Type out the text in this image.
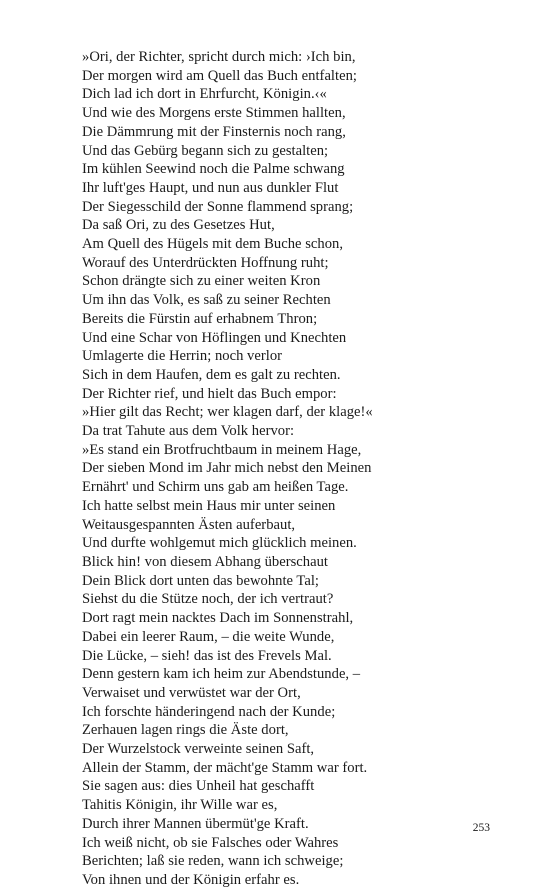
»Ori, der Richter, spricht durch mich: ›Ich bin,
Der morgen wird am Quell das Buch entfalten;
Dich lad ich dort in Ehrfurcht, Königin.‹«
Und wie des Morgens erste Stimmen hallten,
Die Dämmrung mit der Finsternis noch rang,
Und das Gebürg begann sich zu gestalten;
Im kühlen Seewind noch die Palme schwang
Ihr luft'ges Haupt, und nun aus dunkler Flut
Der Siegesschild der Sonne flammend sprang;
Da saß Ori, zu des Gesetzes Hut,
Am Quell des Hügels mit dem Buche schon,
Worauf des Unterdrückten Hoffnung ruht;
Schon drängte sich zu einer weiten Kron
Um ihn das Volk, es saß zu seiner Rechten
Bereits die Fürstin auf erhabnem Thron;
Und eine Schar von Höflingen und Knechten
Umlagerte die Herrin; noch verlor
Sich in dem Haufen, dem es galt zu rechten.
Der Richter rief, und hielt das Buch empor:
»Hier gilt das Recht; wer klagen darf, der klage!«
Da trat Tahute aus dem Volk hervor:
»Es stand ein Brotfruchtbaum in meinem Hage,
Der sieben Mond im Jahr mich nebst den Meinen
Ernährt' und Schirm uns gab am heißen Tage.
Ich hatte selbst mein Haus mir unter seinen
Weitausgespannten Ästen auferbaut,
Und durfte wohlgemut mich glücklich meinen.
Blick hin! von diesem Abhang überschaut
Dein Blick dort unten das bewohnte Tal;
Siehst du die Stütze noch, der ich vertraut?
Dort ragt mein nacktes Dach im Sonnenstrahl,
Dabei ein leerer Raum, – die weite Wunde,
Die Lücke, – sieh! das ist des Frevels Mal.
Denn gestern kam ich heim zur Abendstunde, –
Verwaiset und verwüstet war der Ort,
Ich forschte händeringend nach der Kunde;
Zerhauen lagen rings die Äste dort,
Der Wurzelstock verweinte seinen Saft,
Allein der Stamm, der mächt'ge Stamm war fort.
Sie sagen aus: dies Unheil hat geschafft
Tahitis Königin, ihr Wille war es,
Durch ihrer Mannen übermüt'ge Kraft.
Ich weiß nicht, ob sie Falsches oder Wahres
Berichten; laß sie reden, wann ich schweige;
Von ihnen und der Königin erfahr es.
253
